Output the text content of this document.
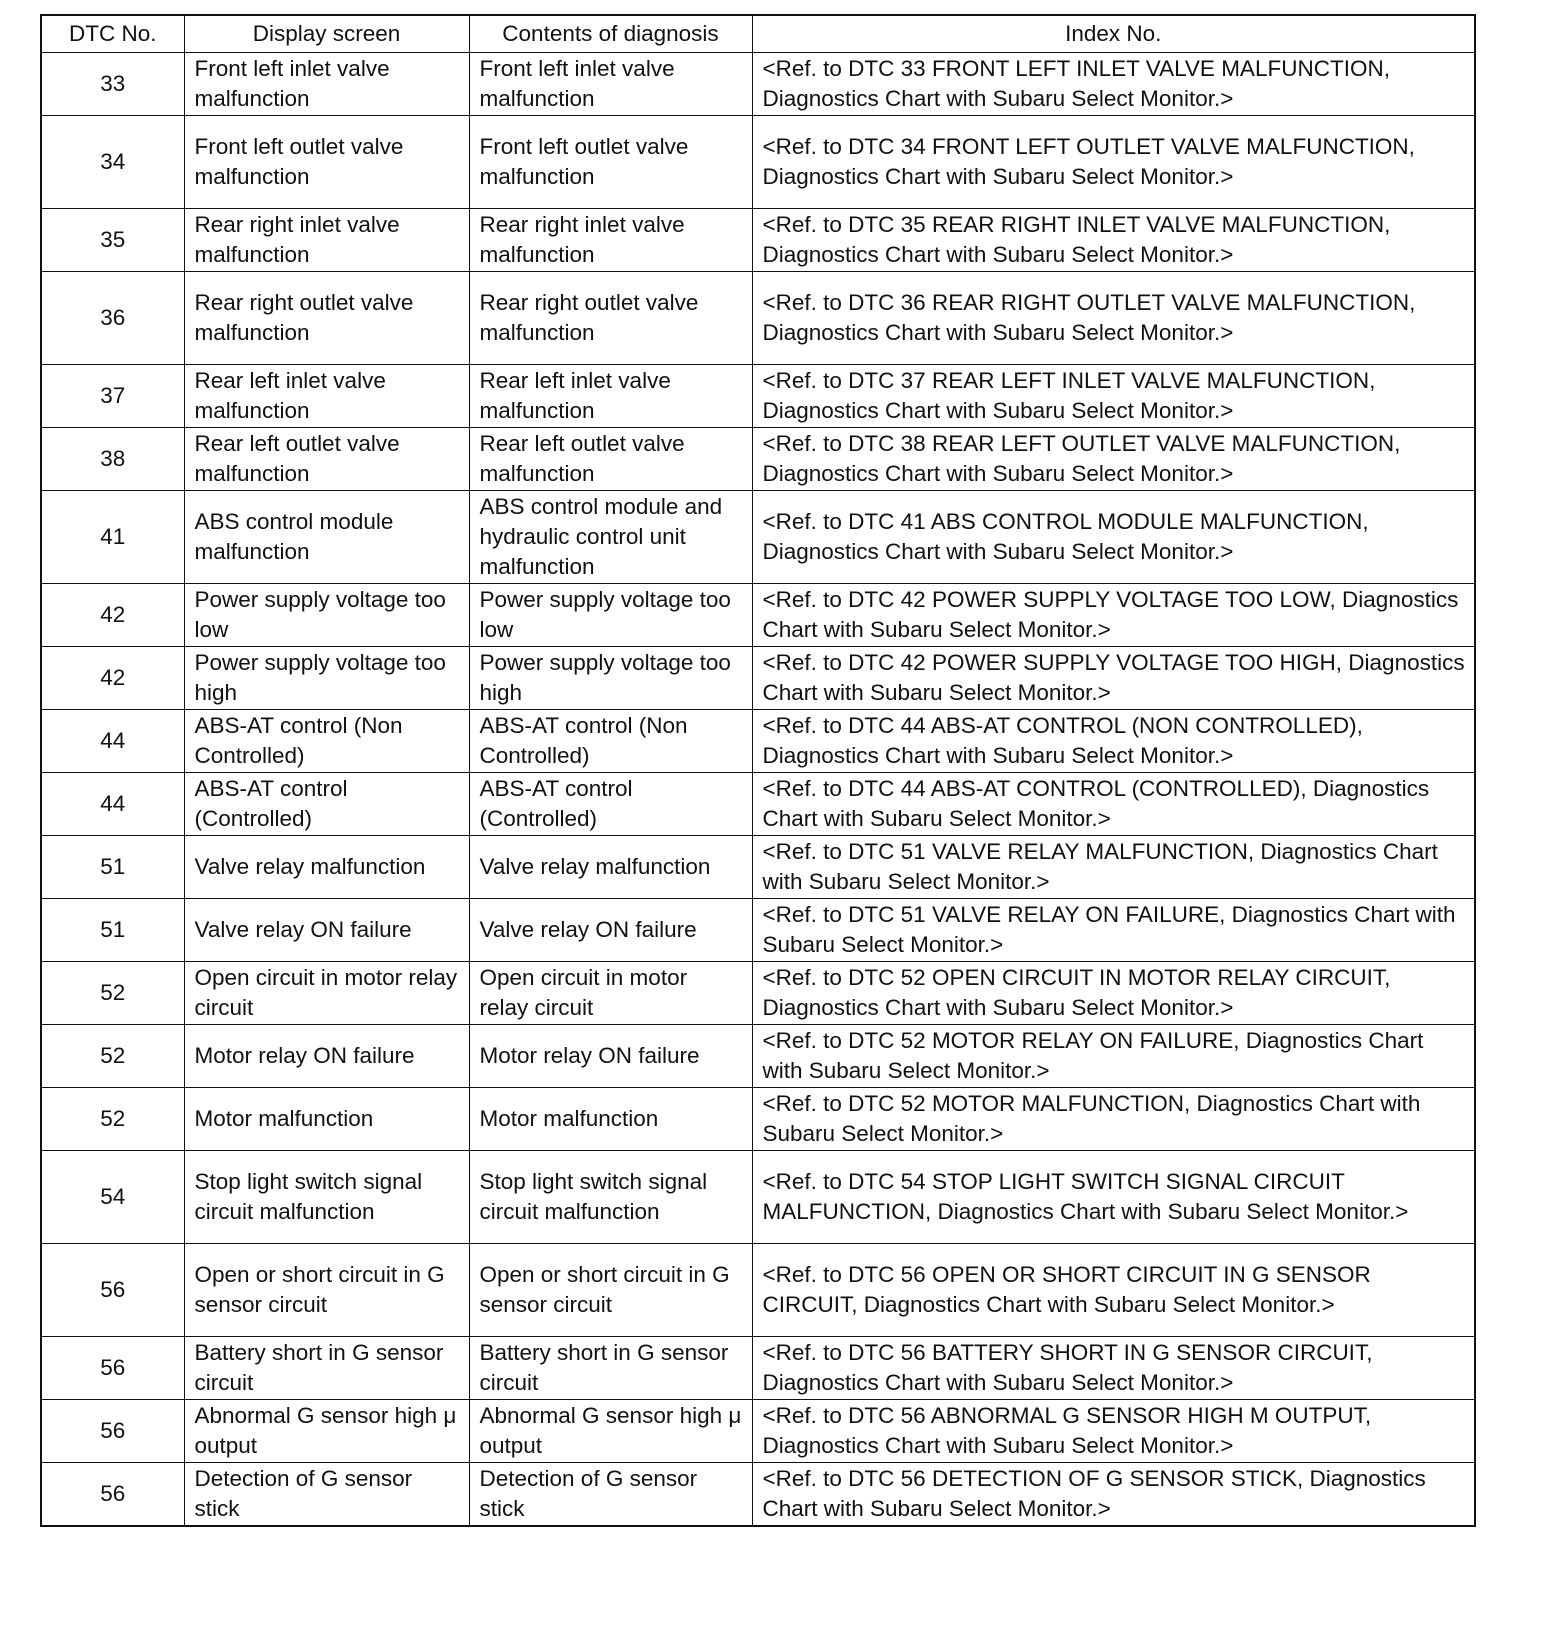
DTC No.	Display screen	Contents of diagnosis	Index No.
33	Front left inlet valve malfunction	Front left inlet valve malfunction	<Ref. to DTC 33 FRONT LEFT INLET VALVE MALFUNCTION, Diagnostics Chart with Subaru Select Monitor.>
34	Front left outlet valve malfunction	Front left outlet valve malfunction	<Ref. to DTC 34 FRONT LEFT OUTLET VALVE MALFUNCTION, Diagnostics Chart with Subaru Select Monitor.>
35	Rear right inlet valve malfunction	Rear right inlet valve malfunction	<Ref. to DTC 35 REAR RIGHT INLET VALVE MALFUNCTION, Diagnostics Chart with Subaru Select Monitor.>
36	Rear right outlet valve malfunction	Rear right outlet valve malfunction	<Ref. to DTC 36 REAR RIGHT OUTLET VALVE MALFUNCTION, Diagnostics Chart with Subaru Select Monitor.>
37	Rear left inlet valve malfunction	Rear left inlet valve malfunction	<Ref. to DTC 37 REAR LEFT INLET VALVE MALFUNCTION, Diagnostics Chart with Subaru Select Monitor.>
38	Rear left outlet valve malfunction	Rear left outlet valve malfunction	<Ref. to DTC 38 REAR LEFT OUTLET VALVE MALFUNCTION, Diagnostics Chart with Subaru Select Monitor.>
41	ABS control module malfunction	ABS control module and hydraulic control unit malfunction	<Ref. to DTC 41 ABS CONTROL MODULE MALFUNCTION, Diagnostics Chart with Subaru Select Monitor.>
42	Power supply voltage too low	Power supply voltage too low	<Ref. to DTC 42 POWER SUPPLY VOLTAGE TOO LOW, Diagnostics Chart with Subaru Select Monitor.>
42	Power supply voltage too high	Power supply voltage too high	<Ref. to DTC 42 POWER SUPPLY VOLTAGE TOO HIGH, Diagnostics Chart with Subaru Select Monitor.>
44	ABS-AT control (Non Controlled)	ABS-AT control (Non Controlled)	<Ref. to DTC 44 ABS-AT CONTROL (NON CONTROLLED), Diagnostics Chart with Subaru Select Monitor.>
44	ABS-AT control (Controlled)	ABS-AT control (Controlled)	<Ref. to DTC 44 ABS-AT CONTROL (CONTROLLED), Diagnostics Chart with Subaru Select Monitor.>
51	Valve relay malfunction	Valve relay malfunction	<Ref. to DTC 51 VALVE RELAY MALFUNCTION, Diagnostics Chart with Subaru Select Monitor.>
51	Valve relay ON failure	Valve relay ON failure	<Ref. to DTC 51 VALVE RELAY ON FAILURE, Diagnostics Chart with Subaru Select Monitor.>
52	Open circuit in motor relay circuit	Open circuit in motor relay circuit	<Ref. to DTC 52 OPEN CIRCUIT IN MOTOR RELAY CIRCUIT, Diagnostics Chart with Subaru Select Monitor.>
52	Motor relay ON failure	Motor relay ON failure	<Ref. to DTC 52 MOTOR RELAY ON FAILURE, Diagnostics Chart with Subaru Select Monitor.>
52	Motor malfunction	Motor malfunction	<Ref. to DTC 52 MOTOR MALFUNCTION, Diagnostics Chart with Subaru Select Monitor.>
54	Stop light switch signal circuit malfunction	Stop light switch signal circuit malfunction	<Ref. to DTC 54 STOP LIGHT SWITCH SIGNAL CIRCUIT MALFUNCTION, Diagnostics Chart with Subaru Select Monitor.>
56	Open or short circuit in G sensor circuit	Open or short circuit in G sensor circuit	<Ref. to DTC 56 OPEN OR SHORT CIRCUIT IN G SENSOR CIRCUIT, Diagnostics Chart with Subaru Select Monitor.>
56	Battery short in G sensor circuit	Battery short in G sensor circuit	<Ref. to DTC 56 BATTERY SHORT IN G SENSOR CIRCUIT, Diagnostics Chart with Subaru Select Monitor.>
56	Abnormal G sensor high μ output	Abnormal G sensor high μ output	<Ref. to DTC 56 ABNORMAL G SENSOR HIGH M OUTPUT, Diagnostics Chart with Subaru Select Monitor.>
56	Detection of G sensor stick	Detection of G sensor stick	<Ref. to DTC 56 DETECTION OF G SENSOR STICK, Diagnostics Chart with Subaru Select Monitor.>
